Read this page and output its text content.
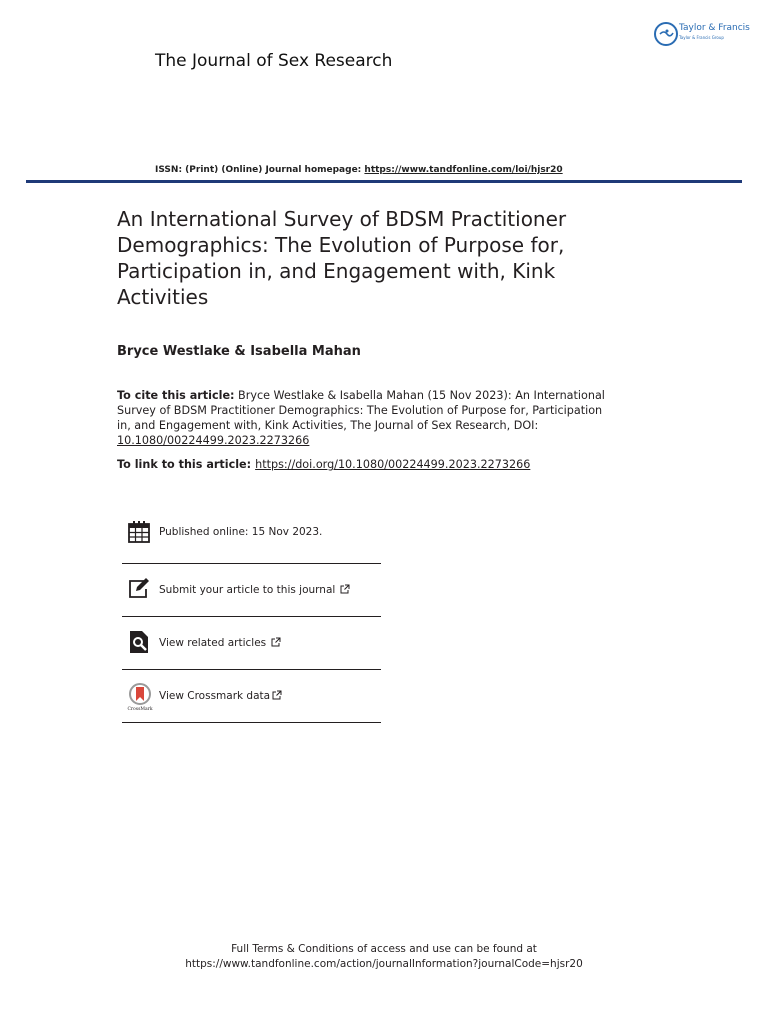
Taylor & Francis
Taylor & Francis Group
The Journal of Sex Research
ISSN: (Print) (Online) Journal homepage: https://www.tandfonline.com/loi/hjsr20
An International Survey of BDSM Practitioner Demographics: The Evolution of Purpose for, Participation in, and Engagement with, Kink Activities
Bryce Westlake & Isabella Mahan
To cite this article: Bryce Westlake & Isabella Mahan (15 Nov 2023): An International Survey of BDSM Practitioner Demographics: The Evolution of Purpose for, Participation in, and Engagement with, Kink Activities, The Journal of Sex Research, DOI: 10.1080/00224499.2023.2273266
To link to this article: https://doi.org/10.1080/00224499.2023.2273266
Published online: 15 Nov 2023.
Submit your article to this journal
View related articles
CrossMark
View Crossmark data
Full Terms & Conditions of access and use can be found at
https://www.tandfonline.com/action/journalInformation?journalCode=hjsr20
